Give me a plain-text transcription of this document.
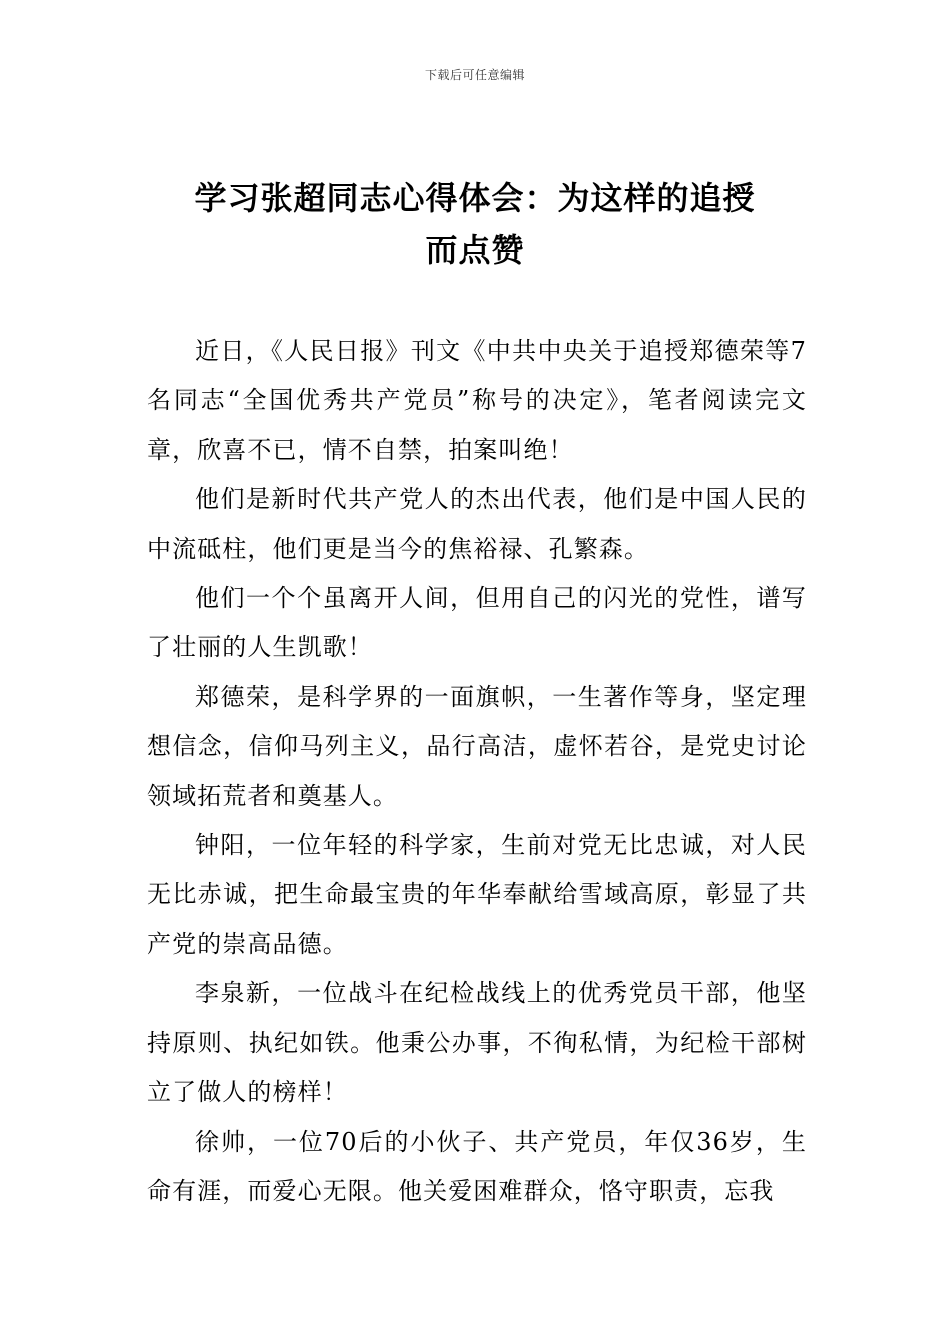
下载后可任意编辑
学习张超同志心得体会：为这样的追授
而点赞

近日，《人民日报》刊文《中共中央关于追授郑德荣等7名同志“全国优秀共产党员”称号的决定》，笔者阅读完文章，欣喜不已，情不自禁，拍案叫绝！

他们是新时代共产党人的杰出代表，他们是中国人民的中流砥柱，他们更是当今的焦裕禄、孔繁森。

他们一个个虽离开人间，但用自己的闪光的党性，谱写了壮丽的人生凯歌！

郑德荣，是科学界的一面旗帜，一生著作等身，坚定理想信念，信仰马列主义，品行高洁，虚怀若谷，是党史讨论领域拓荒者和奠基人。

钟阳，一位年轻的科学家，生前对党无比忠诚，对人民无比赤诚，把生命最宝贵的年华奉献给雪域高原，彰显了共产党的崇高品德。

李泉新，一位战斗在纪检战线上的优秀党员干部，他坚持原则、执纪如铁。他秉公办事，不徇私情，为纪检干部树立了做人的榜样！

徐帅，一位70后的小伙子、共产党员，年仅36岁，生命有涯，而爱心无限。他关爱困难群众，恪守职责，忘我
